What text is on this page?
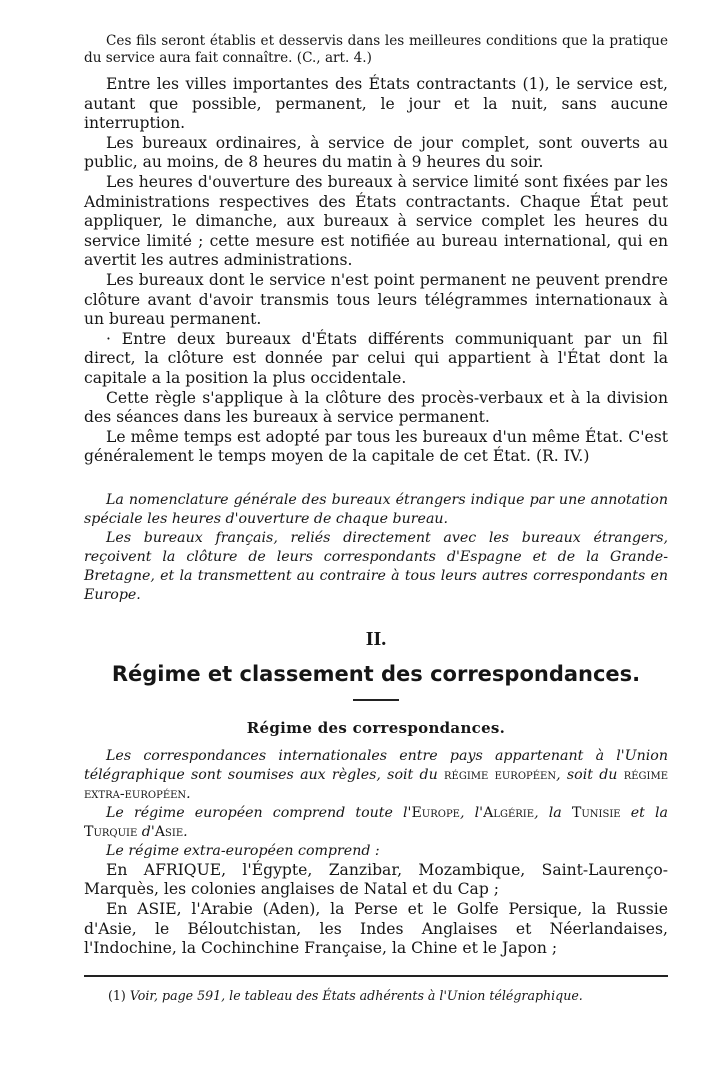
Ces fils seront établis et desservis dans les meilleures conditions que la pratique du service aura fait connaître. (C., art. 4.)

Entre les villes importantes des États contractants (1), le service est, autant que possible, permanent, le jour et la nuit, sans aucune interruption.

Les bureaux ordinaires, à service de jour complet, sont ouverts au public, au moins, de 8 heures du matin à 9 heures du soir.

Les heures d'ouverture des bureaux à service limité sont fixées par les Administrations respectives des États contractants. Chaque État peut appliquer, le dimanche, aux bureaux à service complet les heures du service limité ; cette mesure est notifiée au bureau international, qui en avertit les autres administrations.

Les bureaux dont le service n'est point permanent ne peuvent prendre clôture avant d'avoir transmis tous leurs télégrammes internationaux à un bureau permanent.

· Entre deux bureaux d'États différents communiquant par un fil direct, la clôture est donnée par celui qui appartient à l'État dont la capitale a la position la plus occidentale.

Cette règle s'applique à la clôture des procès-verbaux et à la division des séances dans les bureaux à service permanent.

Le même temps est adopté par tous les bureaux d'un même État. C'est généralement le temps moyen de la capitale de cet État. (R. IV.)

La nomenclature générale des bureaux étrangers indique par une annotation spéciale les heures d'ouverture de chaque bureau.

Les bureaux français, reliés directement avec les bureaux étrangers, reçoivent la clôture de leurs correspondants d'Espagne et de la Grande-Bretagne, et la transmettent au contraire à tous leurs autres correspondants en Europe.

II.
Régime et classement des correspondances.
Régime des correspondances.

Les correspondances internationales entre pays appartenant à l'Union télégraphique sont soumises aux règles, soit du régime européen, soit du régime extra-européen.

Le régime européen comprend toute l'Europe, l'Algérie, la Tunisie et la Turquie d'Asie.

Le régime extra-européen comprend :

En AFRIQUE, l'Égypte, Zanzibar, Mozambique, Saint-Laurenço-Marquès, les colonies anglaises de Natal et du Cap ;

En ASIE, l'Arabie (Aden), la Perse et le Golfe Persique, la Russie d'Asie, le Béloutchistan, les Indes Anglaises et Néerlandaises, l'Indochine, la Cochinchine Française, la Chine et le Japon ;

(1) Voir, page 591, le tableau des États adhérents à l'Union télégraphique.
